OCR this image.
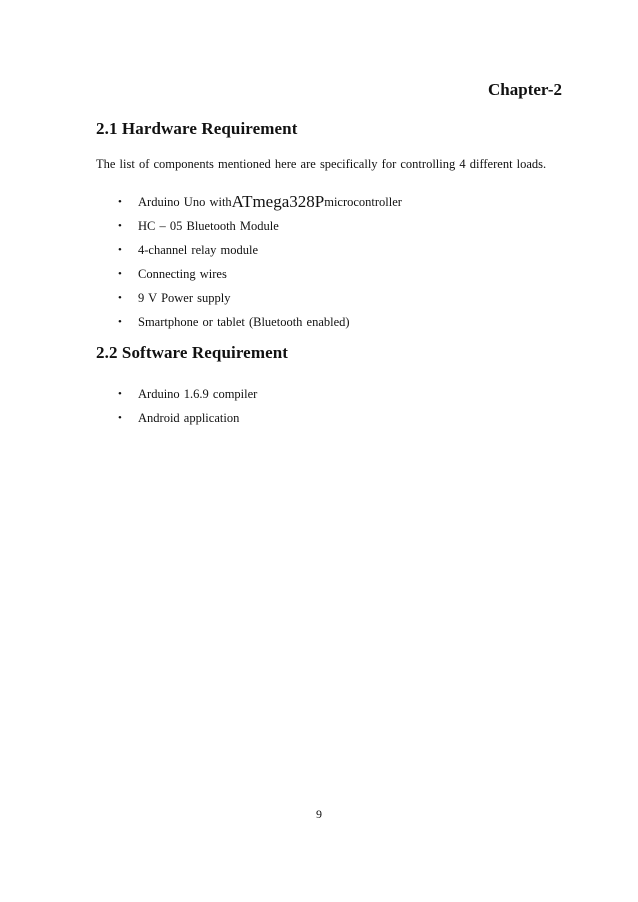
Chapter-2
2.1 Hardware Requirement

The list of components mentioned here are specifically for controlling 4 different loads.

•	Arduino Uno with ATmega328P microcontroller
•	HC – 05 Bluetooth Module
•	4-channel relay module
•	Connecting wires
•	9 V Power supply
•	Smartphone or tablet (Bluetooth enabled)
2.2 Software Requirement
•	Arduino 1.6.9 compiler
•	Android application

9
